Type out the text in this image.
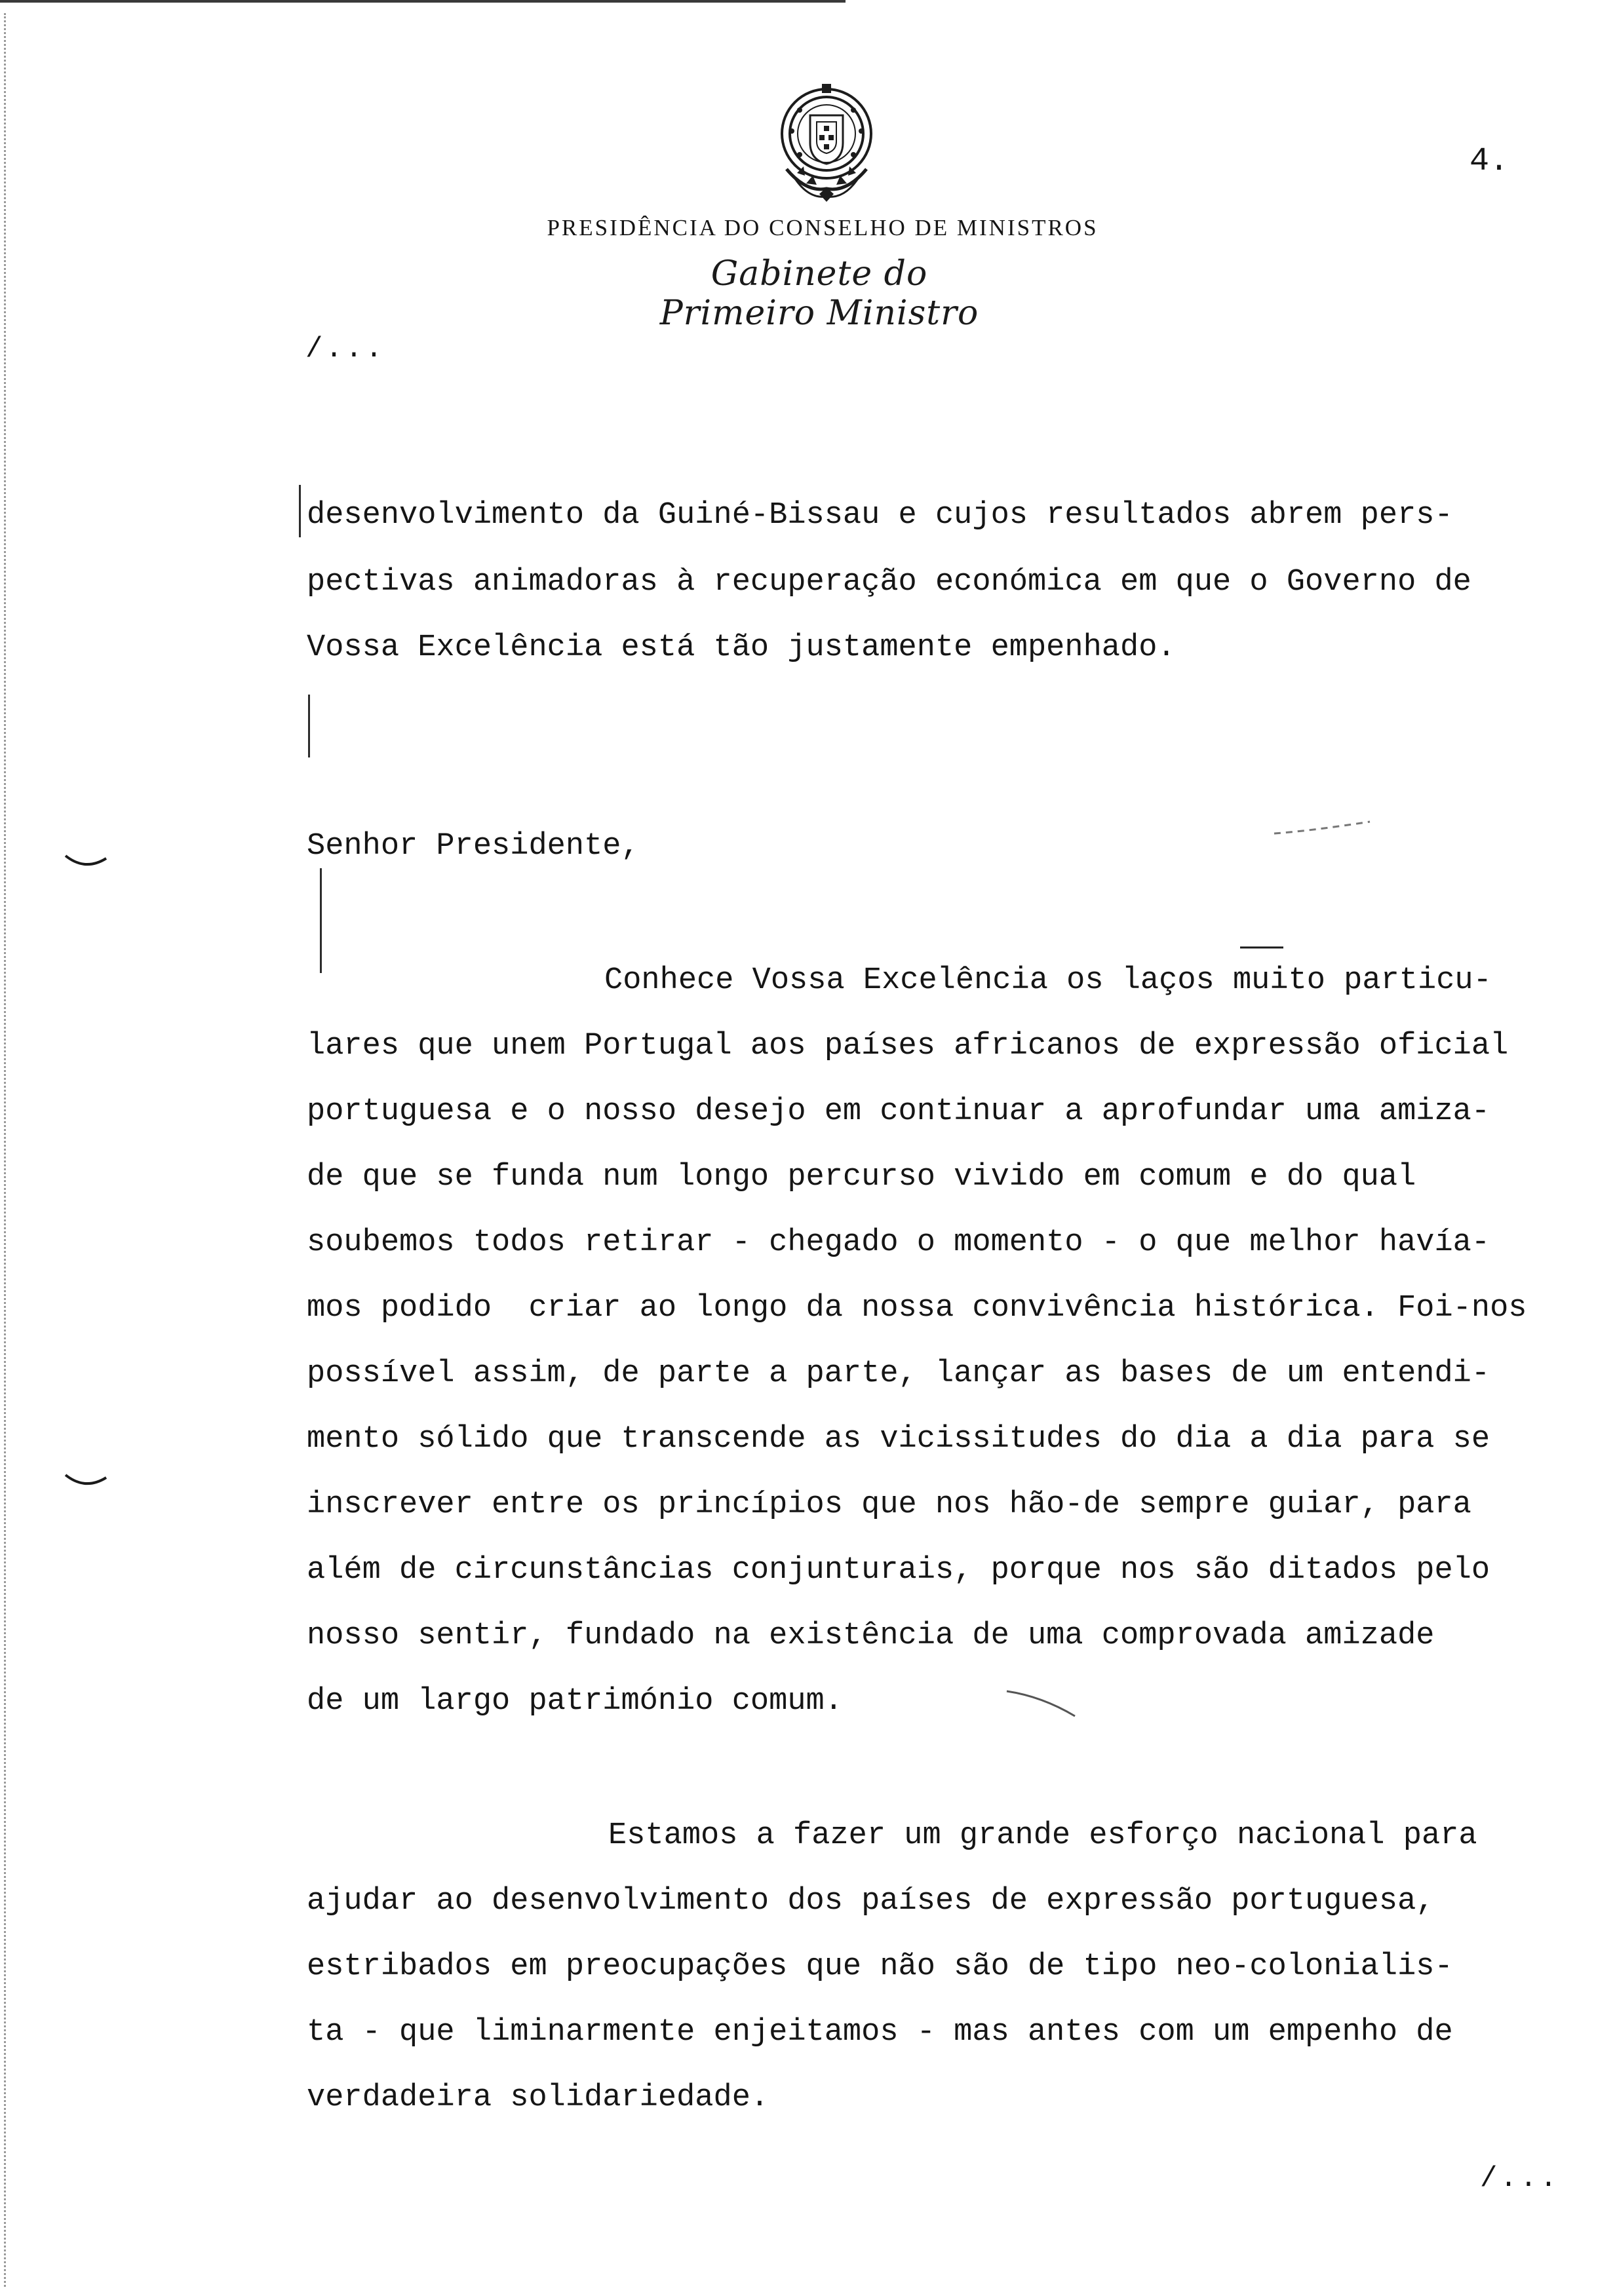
4.
PRESIDÊNCIA DO CONSELHO DE MINISTROS
Gabinete do Primeiro Ministro
/...
desenvolvimento da Guiné-Bissau e cujos resultados abrem pers-
pectivas animadoras à recuperação económica em que o Governo de
Vossa Excelência está tão justamente empenhado.
Senhor Presidente,
Conhece Vossa Excelência os laços muito particu-
lares que unem Portugal aos países africanos de expressão oficial
portuguesa e o nosso desejo em continuar a aprofundar uma amiza-
de que se funda num longo percurso vivido em comum e do qual
soubemos todos retirar - chegado o momento - o que melhor havía-
mos podido  criar ao longo da nossa convivência histórica. Foi-nos
possível assim, de parte a parte, lançar as bases de um entendi-
mento sólido que transcende as vicissitudes do dia a dia para se
inscrever entre os princípios que nos hão-de sempre guiar, para
além de circunstâncias conjunturais, porque nos são ditados pelo
nosso sentir, fundado na existência de uma comprovada amizade
de um largo património comum.
Estamos a fazer um grande esforço nacional para
ajudar ao desenvolvimento dos países de expressão portuguesa,
estribados em preocupações que não são de tipo neo-colonialis-
ta - que liminarmente enjeitamos - mas antes com um empenho de
verdadeira solidariedade.
/...
